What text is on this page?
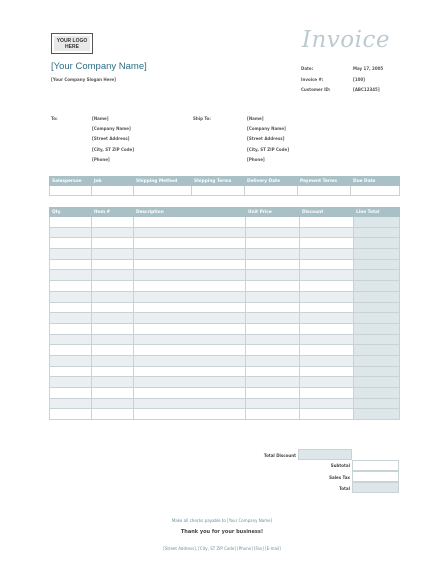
YOUR LOGO
HERE	Invoice
[Your Company Name]
[Your Company Slogan Here]
Date:	May 17, 2005
Invoice #:	[100]
Customer ID:	[ABC12345]
To:	[Name]
[Company Name]
[Street Address]
[City, ST ZIP Code]
[Phone]
Ship To:	[Name]
[Company Name]
[Street Address]
[City, ST ZIP Code]
[Phone]
Salesperson	Job	Shipping Method	Shipping Terms	Delivery Date	Payment Terms	Due Date

Qty	Item #	Description	Unit Price	Discount	Line Total

Total Discount
Subtotal
Sales Tax
Total
Make all checks payable to [Your Company Name]
Thank you for your business!
[Street Address], [City, ST ZIP Code] [Phone] [Fax] [E-mail]
